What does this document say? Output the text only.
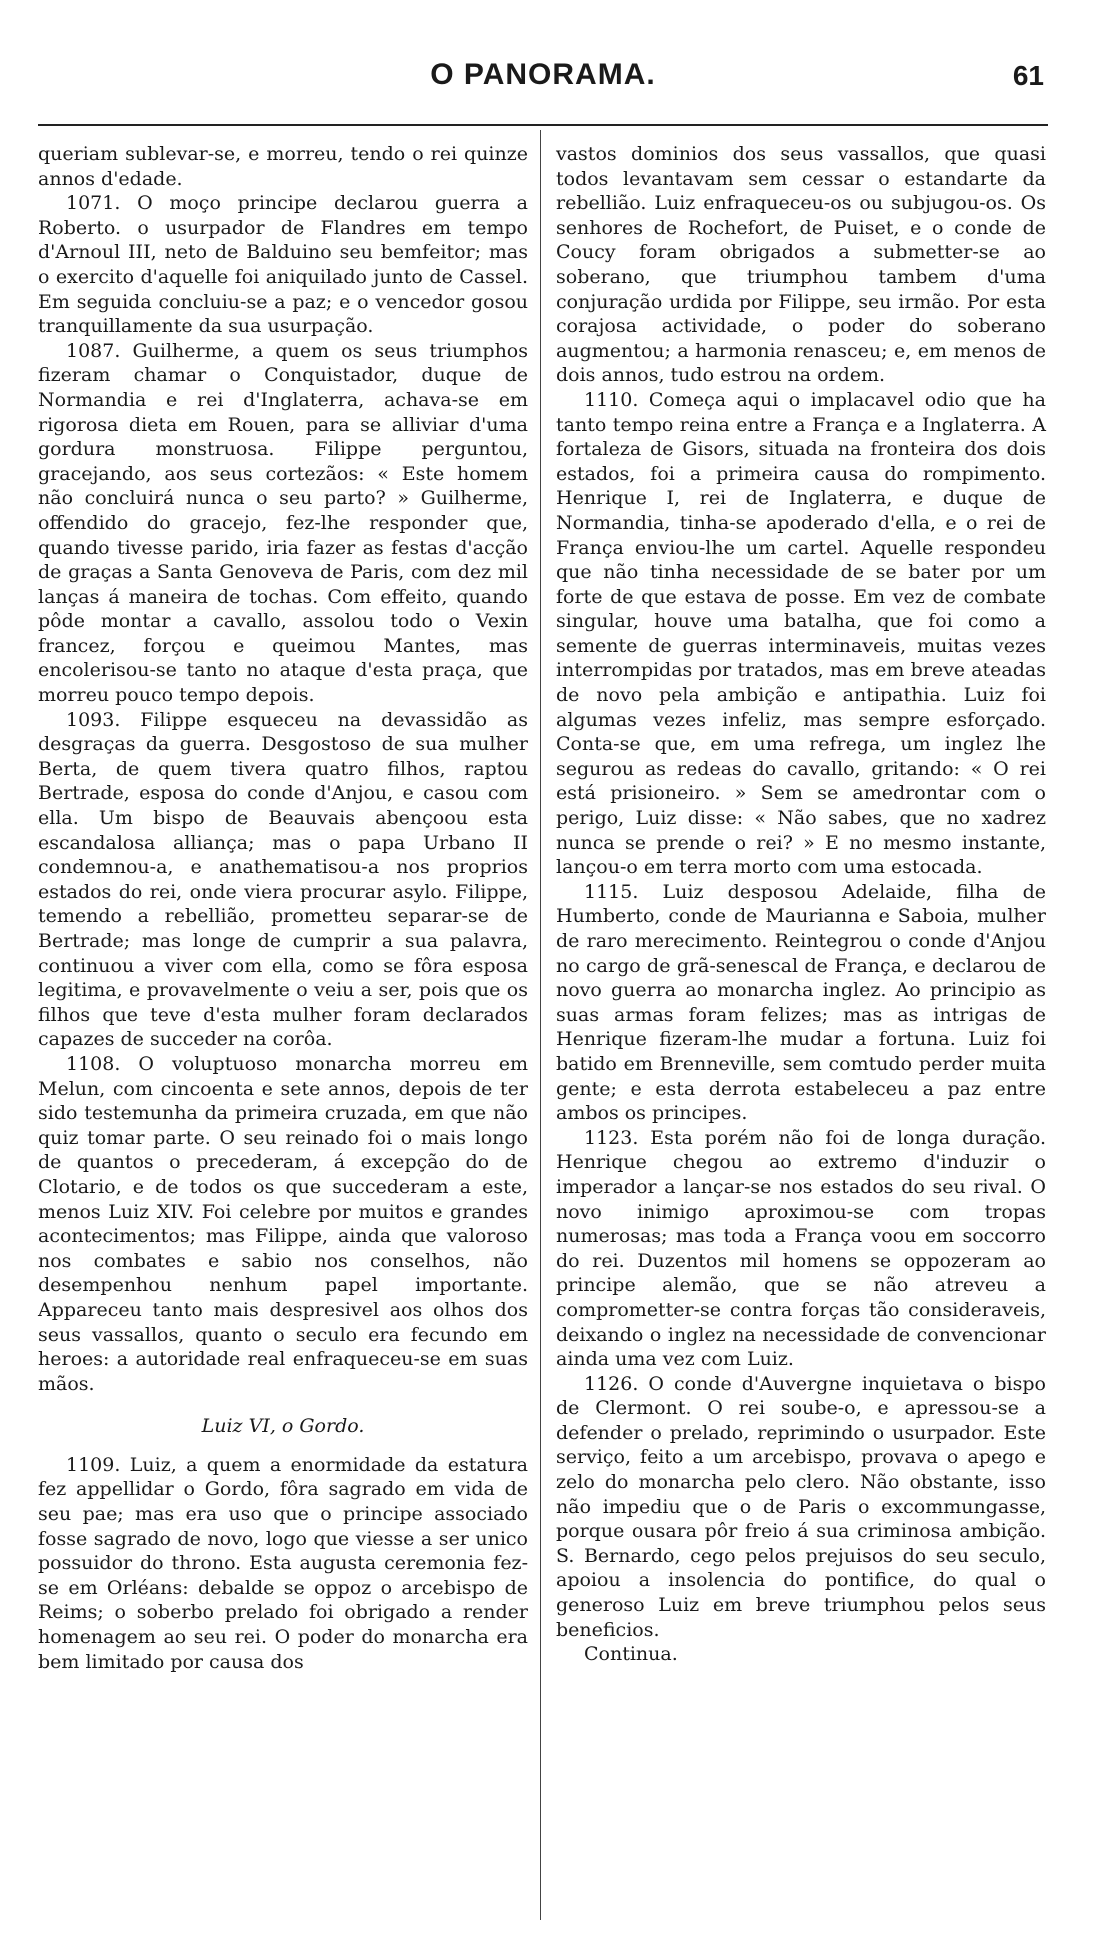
O PANORAMA.	61

queriam sublevar-se, e morreu, tendo o rei quinze annos d'edade.

1071. O moço principe declarou guerra a Roberto. o usurpador de Flandres em tempo d'Arnoul III, neto de Balduino seu bemfeitor; mas o exercito d'aquelle foi aniquilado junto de Cassel. Em seguida concluiu-se a paz; e o vencedor gosou tranquillamente da sua usurpação.

1087. Guilherme, a quem os seus triumphos fizeram chamar o Conquistador, duque de Normandia e rei d'Inglaterra, achava-se em rigorosa dieta em Rouen, para se alliviar d'uma gordura monstruosa. Filippe perguntou, gracejando, aos seus cortezãos: « Este homem não concluirá nunca o seu parto? » Guilherme, offendido do gracejo, fez-lhe responder que, quando tivesse parido, iria fazer as festas d'acção de graças a Santa Genoveva de Paris, com dez mil lanças á maneira de tochas. Com effeito, quando pôde montar a cavallo, assolou todo o Vexin francez, forçou e queimou Mantes, mas encolerisou-se tanto no ataque d'esta praça, que morreu pouco tempo depois.

1093. Filippe esqueceu na devassidão as desgraças da guerra. Desgostoso de sua mulher Berta, de quem tivera quatro filhos, raptou Bertrade, esposa do conde d'Anjou, e casou com ella. Um bispo de Beauvais abençoou esta escandalosa alliança; mas o papa Urbano II condemnou-a, e anathematisou-a nos proprios estados do rei, onde viera procurar asylo. Filippe, temendo a rebellião, prometteu separar-se de Bertrade; mas longe de cumprir a sua palavra, continuou a viver com ella, como se fôra esposa legitima, e provavelmente o veiu a ser, pois que os filhos que teve d'esta mulher foram declarados capazes de succeder na corôa.

1108. O voluptuoso monarcha morreu em Melun, com cincoenta e sete annos, depois de ter sido testemunha da primeira cruzada, em que não quiz tomar parte. O seu reinado foi o mais longo de quantos o precederam, á excepção do de Clotario, e de todos os que succederam a este, menos Luiz XIV. Foi celebre por muitos e grandes acontecimentos; mas Filippe, ainda que valoroso nos combates e sabio nos conselhos, não desempenhou nenhum papel importante. Appareceu tanto mais despresivel aos olhos dos seus vassallos, quanto o seculo era fecundo em heroes: a autoridade real enfraqueceu-se em suas mãos.

Luiz VI, o Gordo.

1109. Luiz, a quem a enormidade da estatura fez appellidar o Gordo, fôra sagrado em vida de seu pae; mas era uso que o principe associado fosse sagrado de novo, logo que viesse a ser unico possuidor do throno. Esta augusta ceremonia fez-se em Orléans: debalde se oppoz o arcebispo de Reims; o soberbo prelado foi obrigado a render homenagem ao seu rei. O poder do monarcha era bem limitado por causa dos

vastos dominios dos seus vassallos, que quasi todos levantavam sem cessar o estandarte da rebellião. Luiz enfraqueceu-os ou subjugou-os. Os senhores de Rochefort, de Puiset, e o conde de Coucy foram obrigados a submetter-se ao soberano, que triumphou tambem d'uma conjuração urdida por Filippe, seu irmão. Por esta corajosa actividade, o poder do soberano augmentou; a harmonia renasceu; e, em menos de dois annos, tudo estrou na ordem.

1110. Começa aqui o implacavel odio que ha tanto tempo reina entre a França e a Inglaterra. A fortaleza de Gisors, situada na fronteira dos dois estados, foi a primeira causa do rompimento. Henrique I, rei de Inglaterra, e duque de Normandia, tinha-se apoderado d'ella, e o rei de França enviou-lhe um cartel. Aquelle respondeu que não tinha necessidade de se bater por um forte de que estava de posse. Em vez de combate singular, houve uma batalha, que foi como a semente de guerras interminaveis, muitas vezes interrompidas por tratados, mas em breve ateadas de novo pela ambição e antipathia. Luiz foi algumas vezes infeliz, mas sempre esforçado. Conta-se que, em uma refrega, um inglez lhe segurou as redeas do cavallo, gritando: « O rei está prisioneiro. » Sem se amedrontar com o perigo, Luiz disse: « Não sabes, que no xadrez nunca se prende o rei? » E no mesmo instante, lançou-o em terra morto com uma estocada.

1115. Luiz desposou Adelaide, filha de Humberto, conde de Maurianna e Saboia, mulher de raro merecimento. Reintegrou o conde d'Anjou no cargo de grã-senescal de França, e declarou de novo guerra ao monarcha inglez. Ao principio as suas armas foram felizes; mas as intrigas de Henrique fizeram-lhe mudar a fortuna. Luiz foi batido em Brenneville, sem comtudo perder muita gente; e esta derrota estabeleceu a paz entre ambos os principes.

1123. Esta porém não foi de longa duração. Henrique chegou ao extremo d'induzir o imperador a lançar-se nos estados do seu rival. O novo inimigo aproximou-se com tropas numerosas; mas toda a França voou em soccorro do rei. Duzentos mil homens se oppozeram ao principe alemão, que se não atreveu a comprometter-se contra forças tão consideraveis, deixando o inglez na necessidade de convencionar ainda uma vez com Luiz.

1126. O conde d'Auvergne inquietava o bispo de Clermont. O rei soube-o, e apressou-se a defender o prelado, reprimindo o usurpador. Este serviço, feito a um arcebispo, provava o apego e zelo do monarcha pelo clero. Não obstante, isso não impediu que o de Paris o excommungasse, porque ousara pôr freio á sua criminosa ambição. S. Bernardo, cego pelos prejuisos do seu seculo, apoiou a insolencia do pontifice, do qual o generoso Luiz em breve triumphou pelos seus beneficios.

Continua.
